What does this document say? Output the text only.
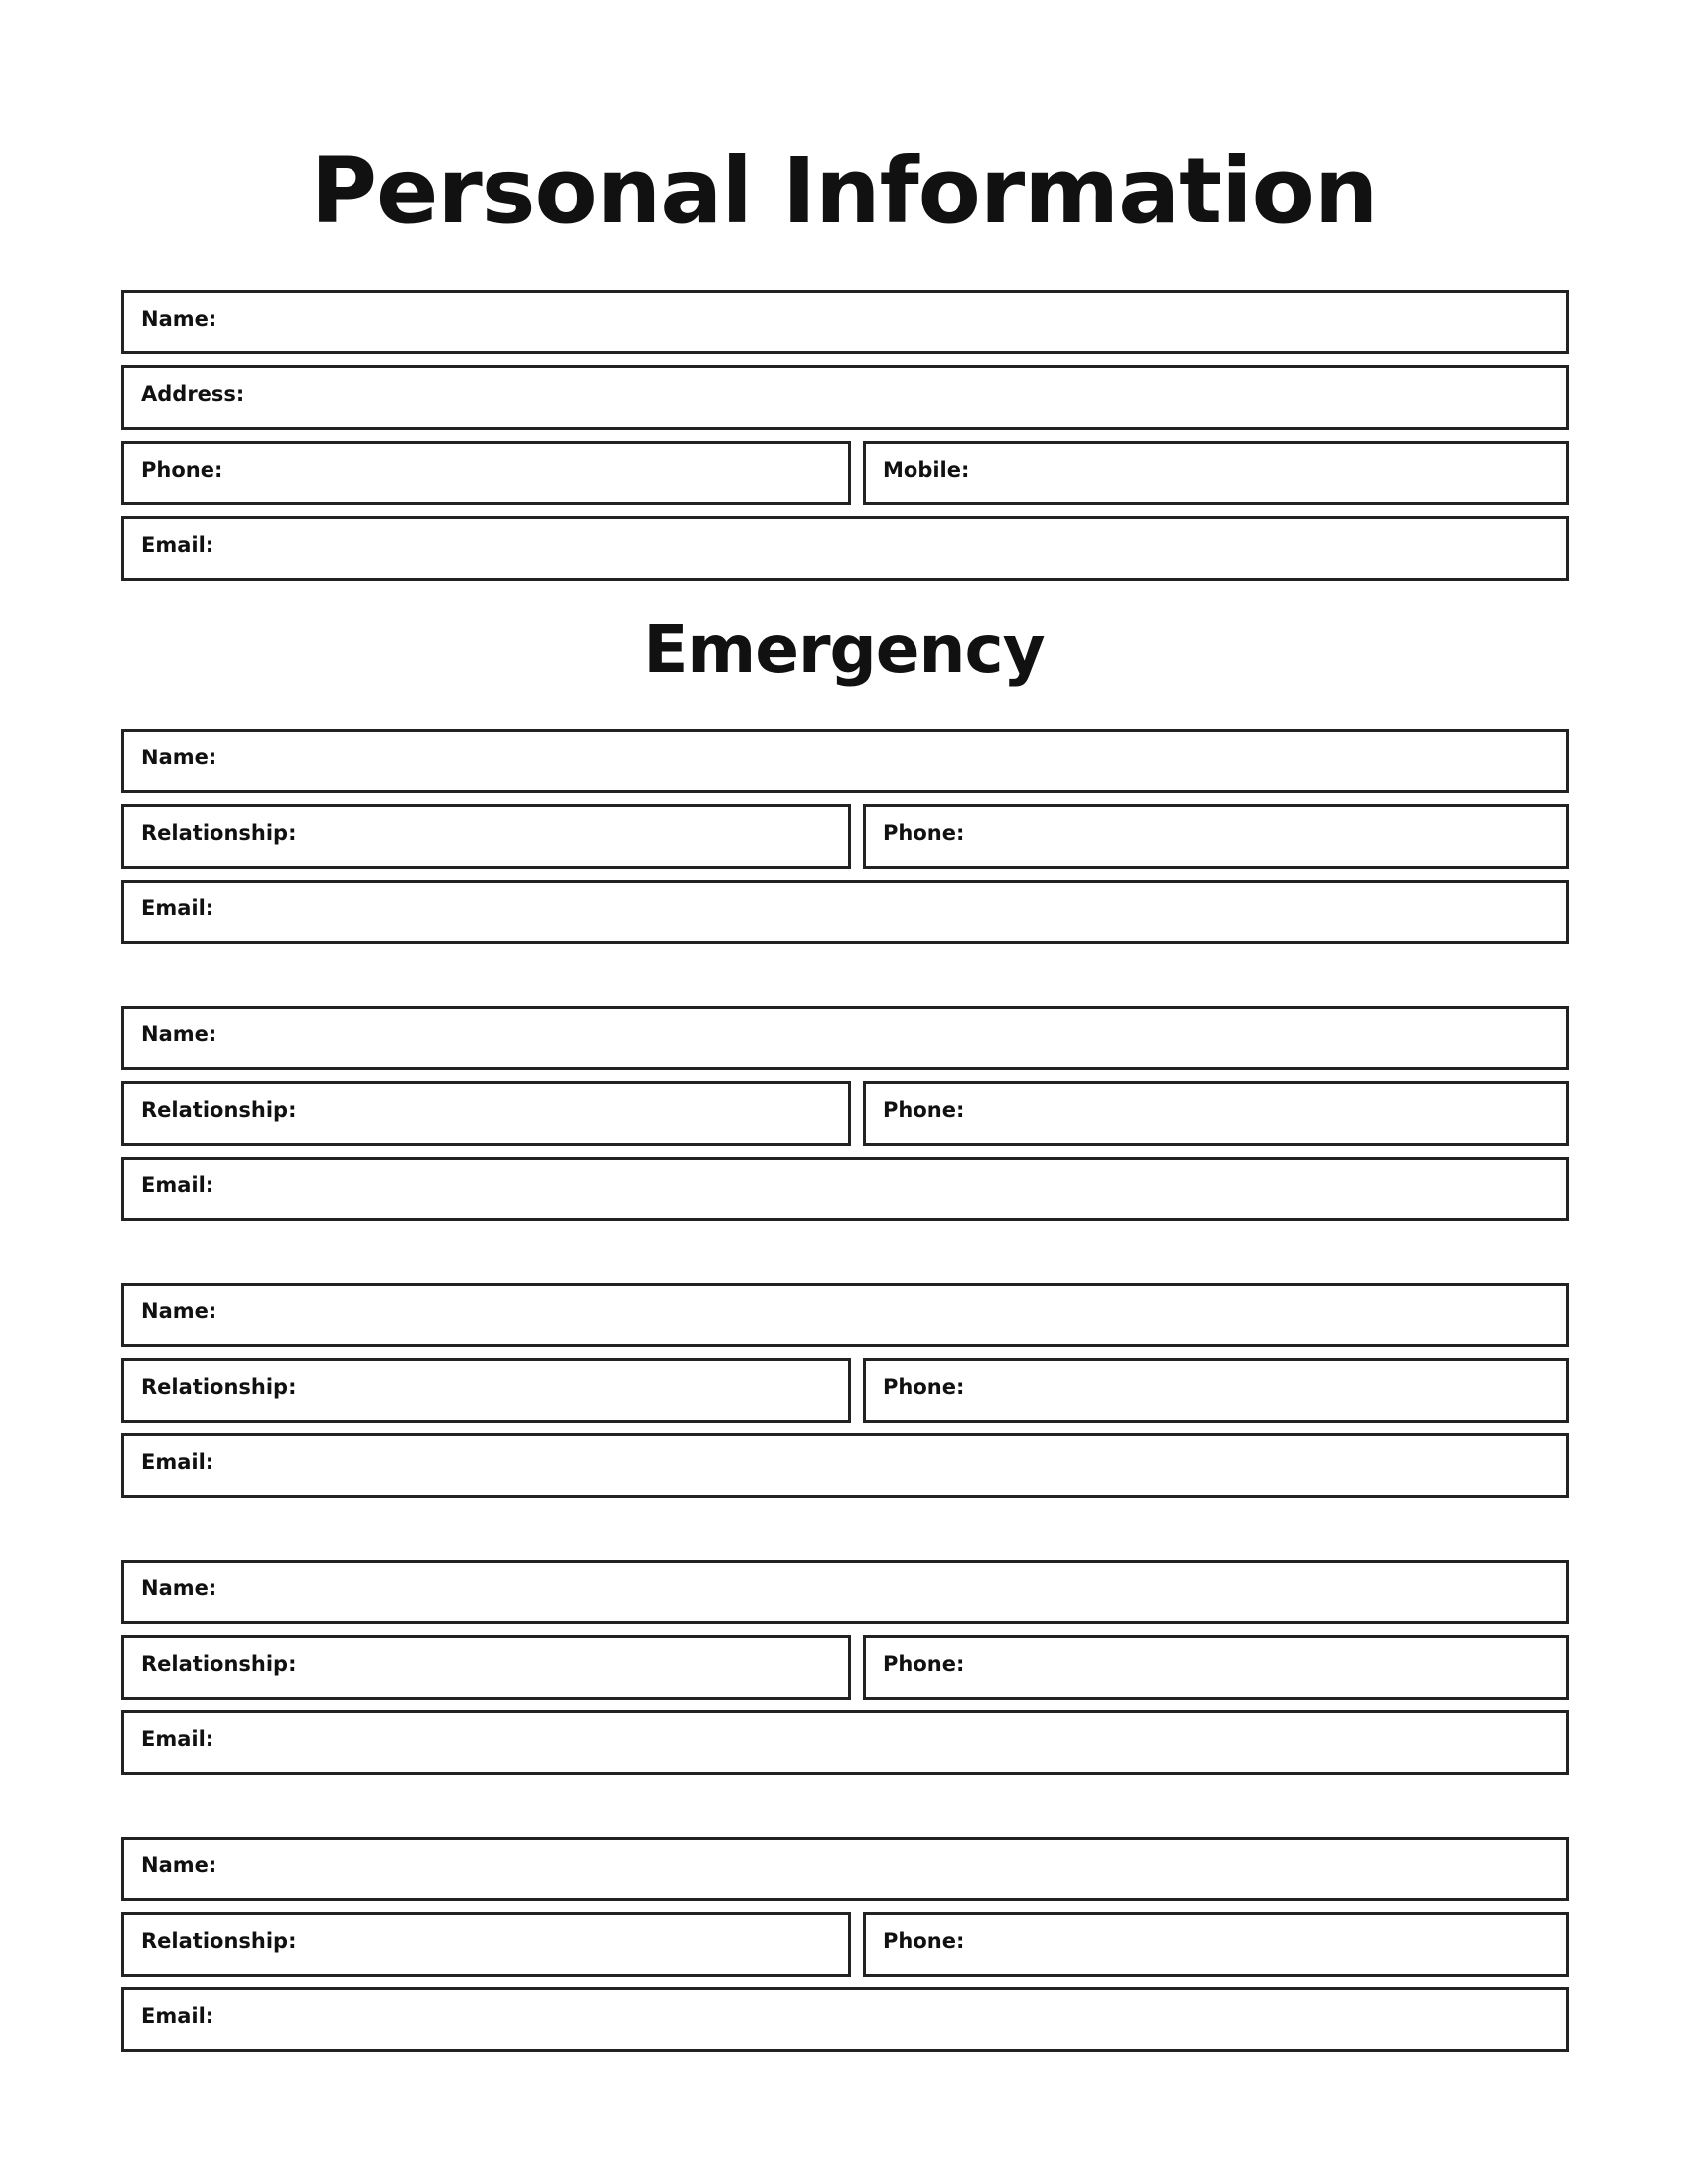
Personal Information
Name:
Address:
Phone:	Mobile:
Email:
Emergency
Name:
Relationship:	Phone:
Email:
Name:
Relationship:	Phone:
Email:
Name:
Relationship:	Phone:
Email:
Name:
Relationship:	Phone:
Email:
Name:
Relationship:	Phone:
Email:
